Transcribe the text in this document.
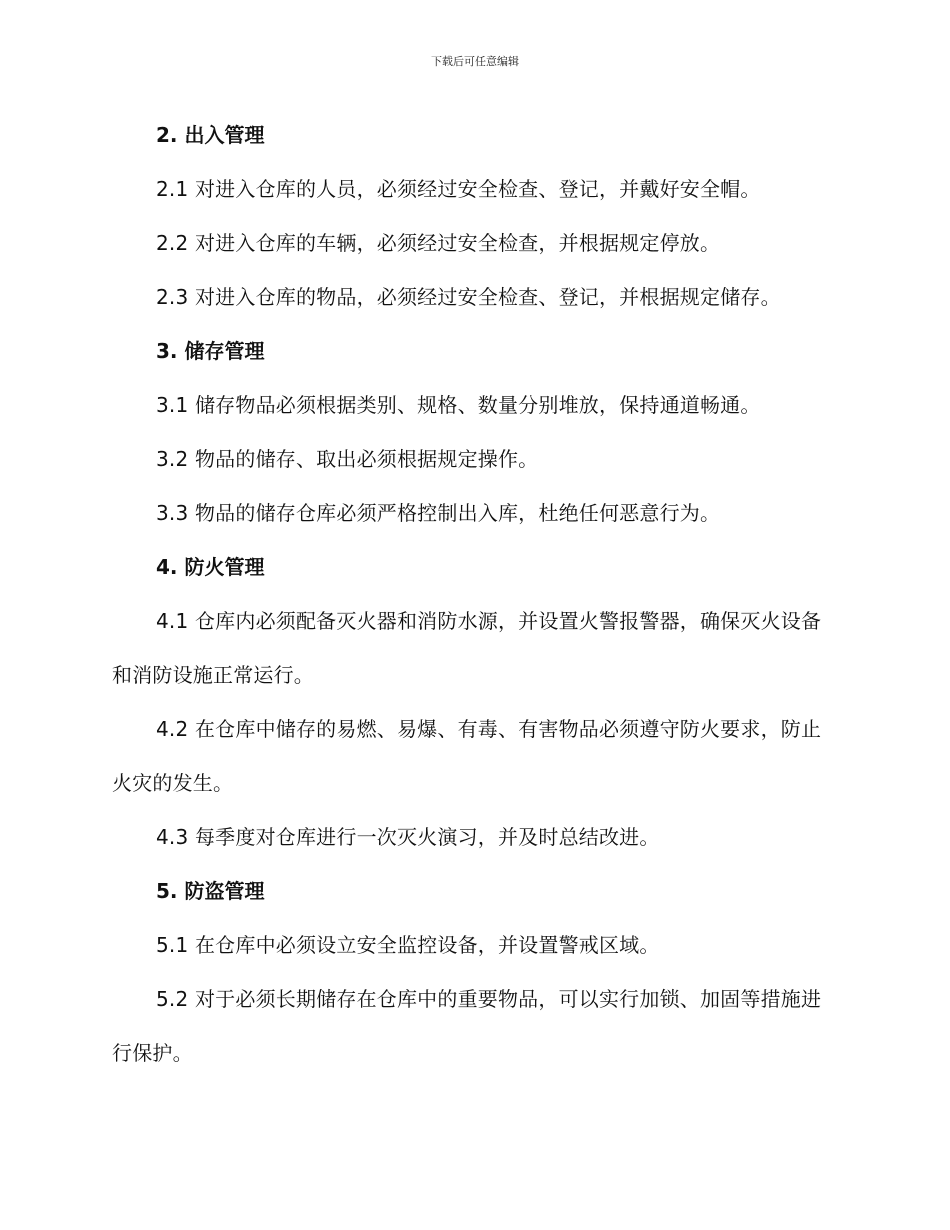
下载后可任意编辑
2. 出入管理

2.1 对进入仓库的人员，必须经过安全检查、登记，并戴好安全帽。

2.2 对进入仓库的车辆，必须经过安全检查，并根据规定停放。

2.3 对进入仓库的物品，必须经过安全检查、登记，并根据规定储存。

3. 储存管理

3.1 储存物品必须根据类别、规格、数量分别堆放，保持通道畅通。

3.2 物品的储存、取出必须根据规定操作。

3.3 物品的储存仓库必须严格控制出入库，杜绝任何恶意行为。

4. 防火管理

4.1 仓库内必须配备灭火器和消防水源，并设置火警报警器，确保灭火设备和消防设施正常运行。

4.2 在仓库中储存的易燃、易爆、有毒、有害物品必须遵守防火要求，防止火灾的发生。

4.3 每季度对仓库进行一次灭火演习，并及时总结改进。

5. 防盗管理

5.1 在仓库中必须设立安全监控设备，并设置警戒区域。

5.2 对于必须长期储存在仓库中的重要物品，可以实行加锁、加固等措施进行保护。
